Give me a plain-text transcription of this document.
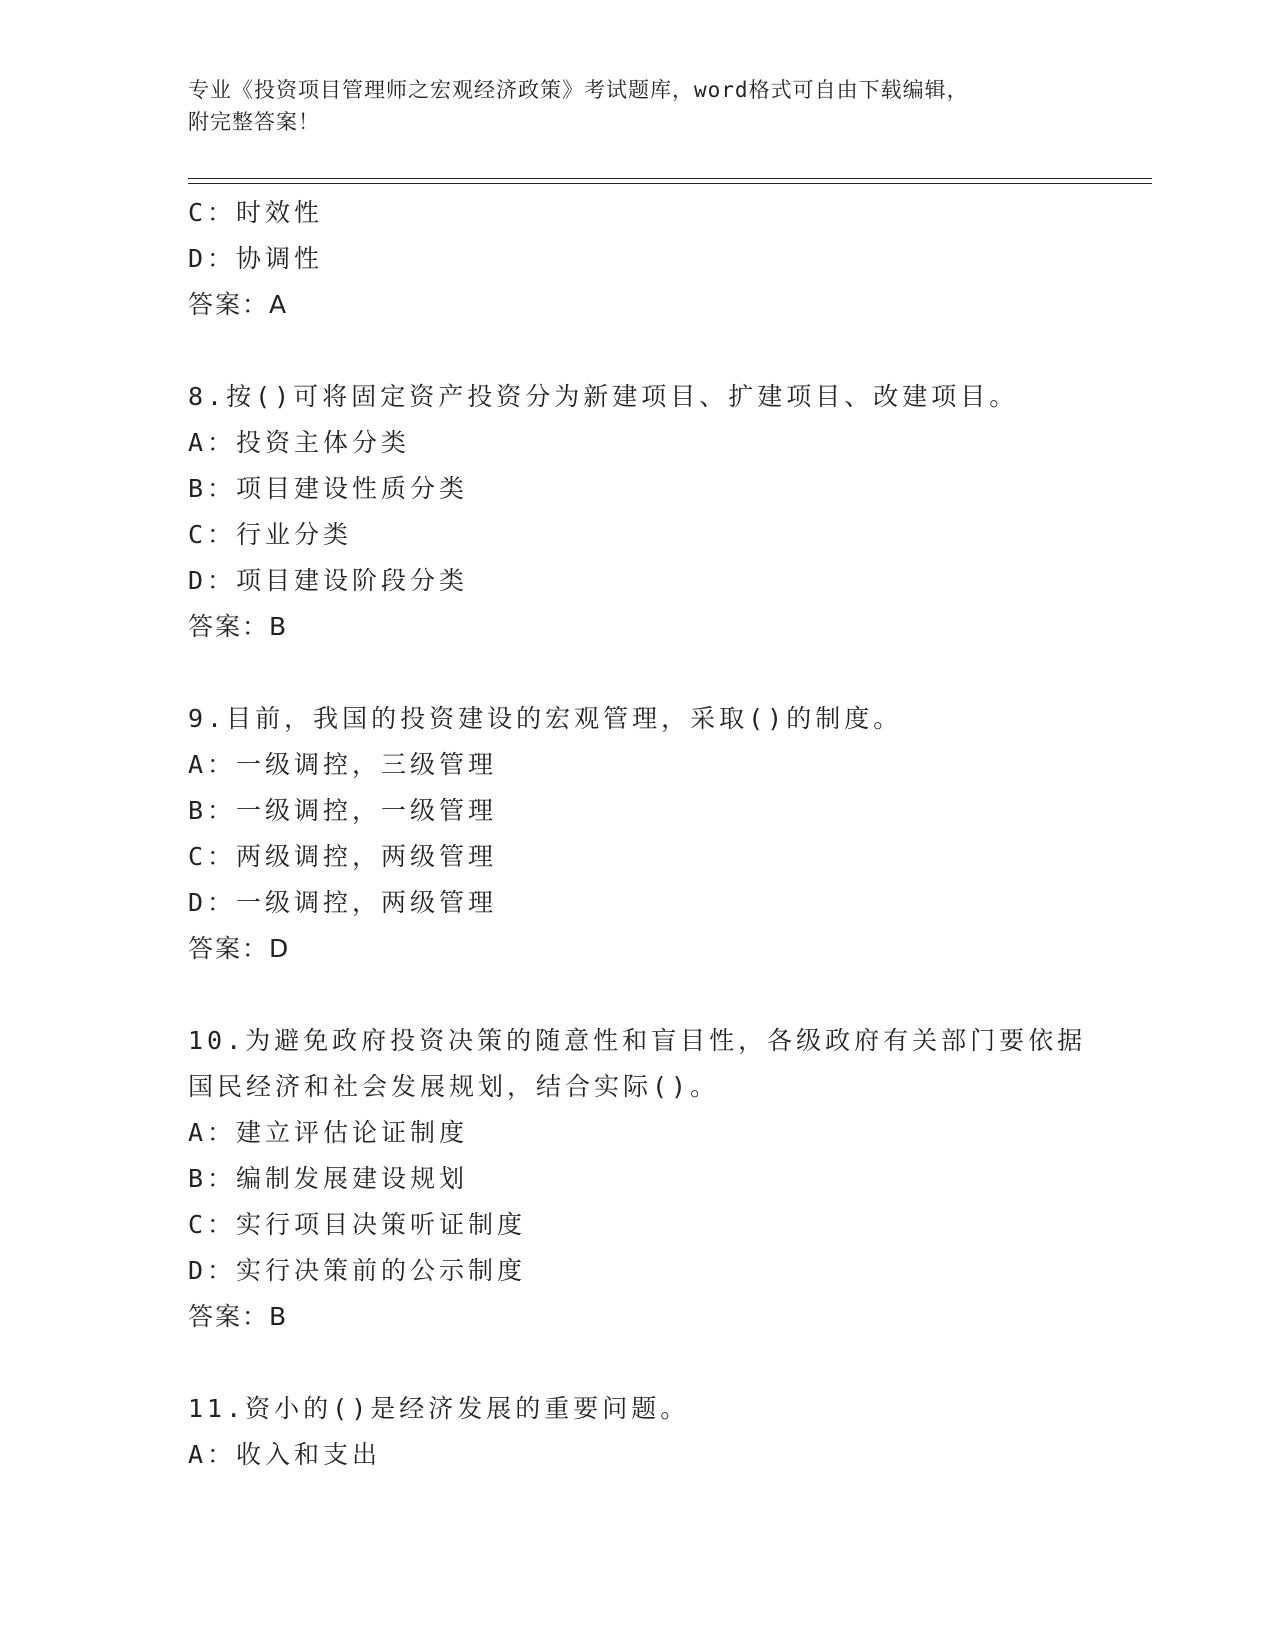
专业《投资项目管理师之宏观经济政策》考试题库，word格式可自由下载编辑，
附完整答案！
C：时效性
D：协调性
答案：A
8.按()可将固定资产投资分为新建项目、扩建项目、改建项目。
A：投资主体分类
B：项目建设性质分类
C：行业分类
D：项目建设阶段分类
答案：B
9.目前，我国的投资建设的宏观管理，采取()的制度。
A：一级调控，三级管理
B：一级调控，一级管理
C：两级调控，两级管理
D：一级调控，两级管理
答案：D
10.为避免政府投资决策的随意性和盲目性，各级政府有关部门要依据
国民经济和社会发展规划，结合实际()。
A：建立评估论证制度
B：编制发展建设规划
C：实行项目决策听证制度
D：实行决策前的公示制度
答案：B
11.资小的()是经济发展的重要问题。
A：收入和支出
